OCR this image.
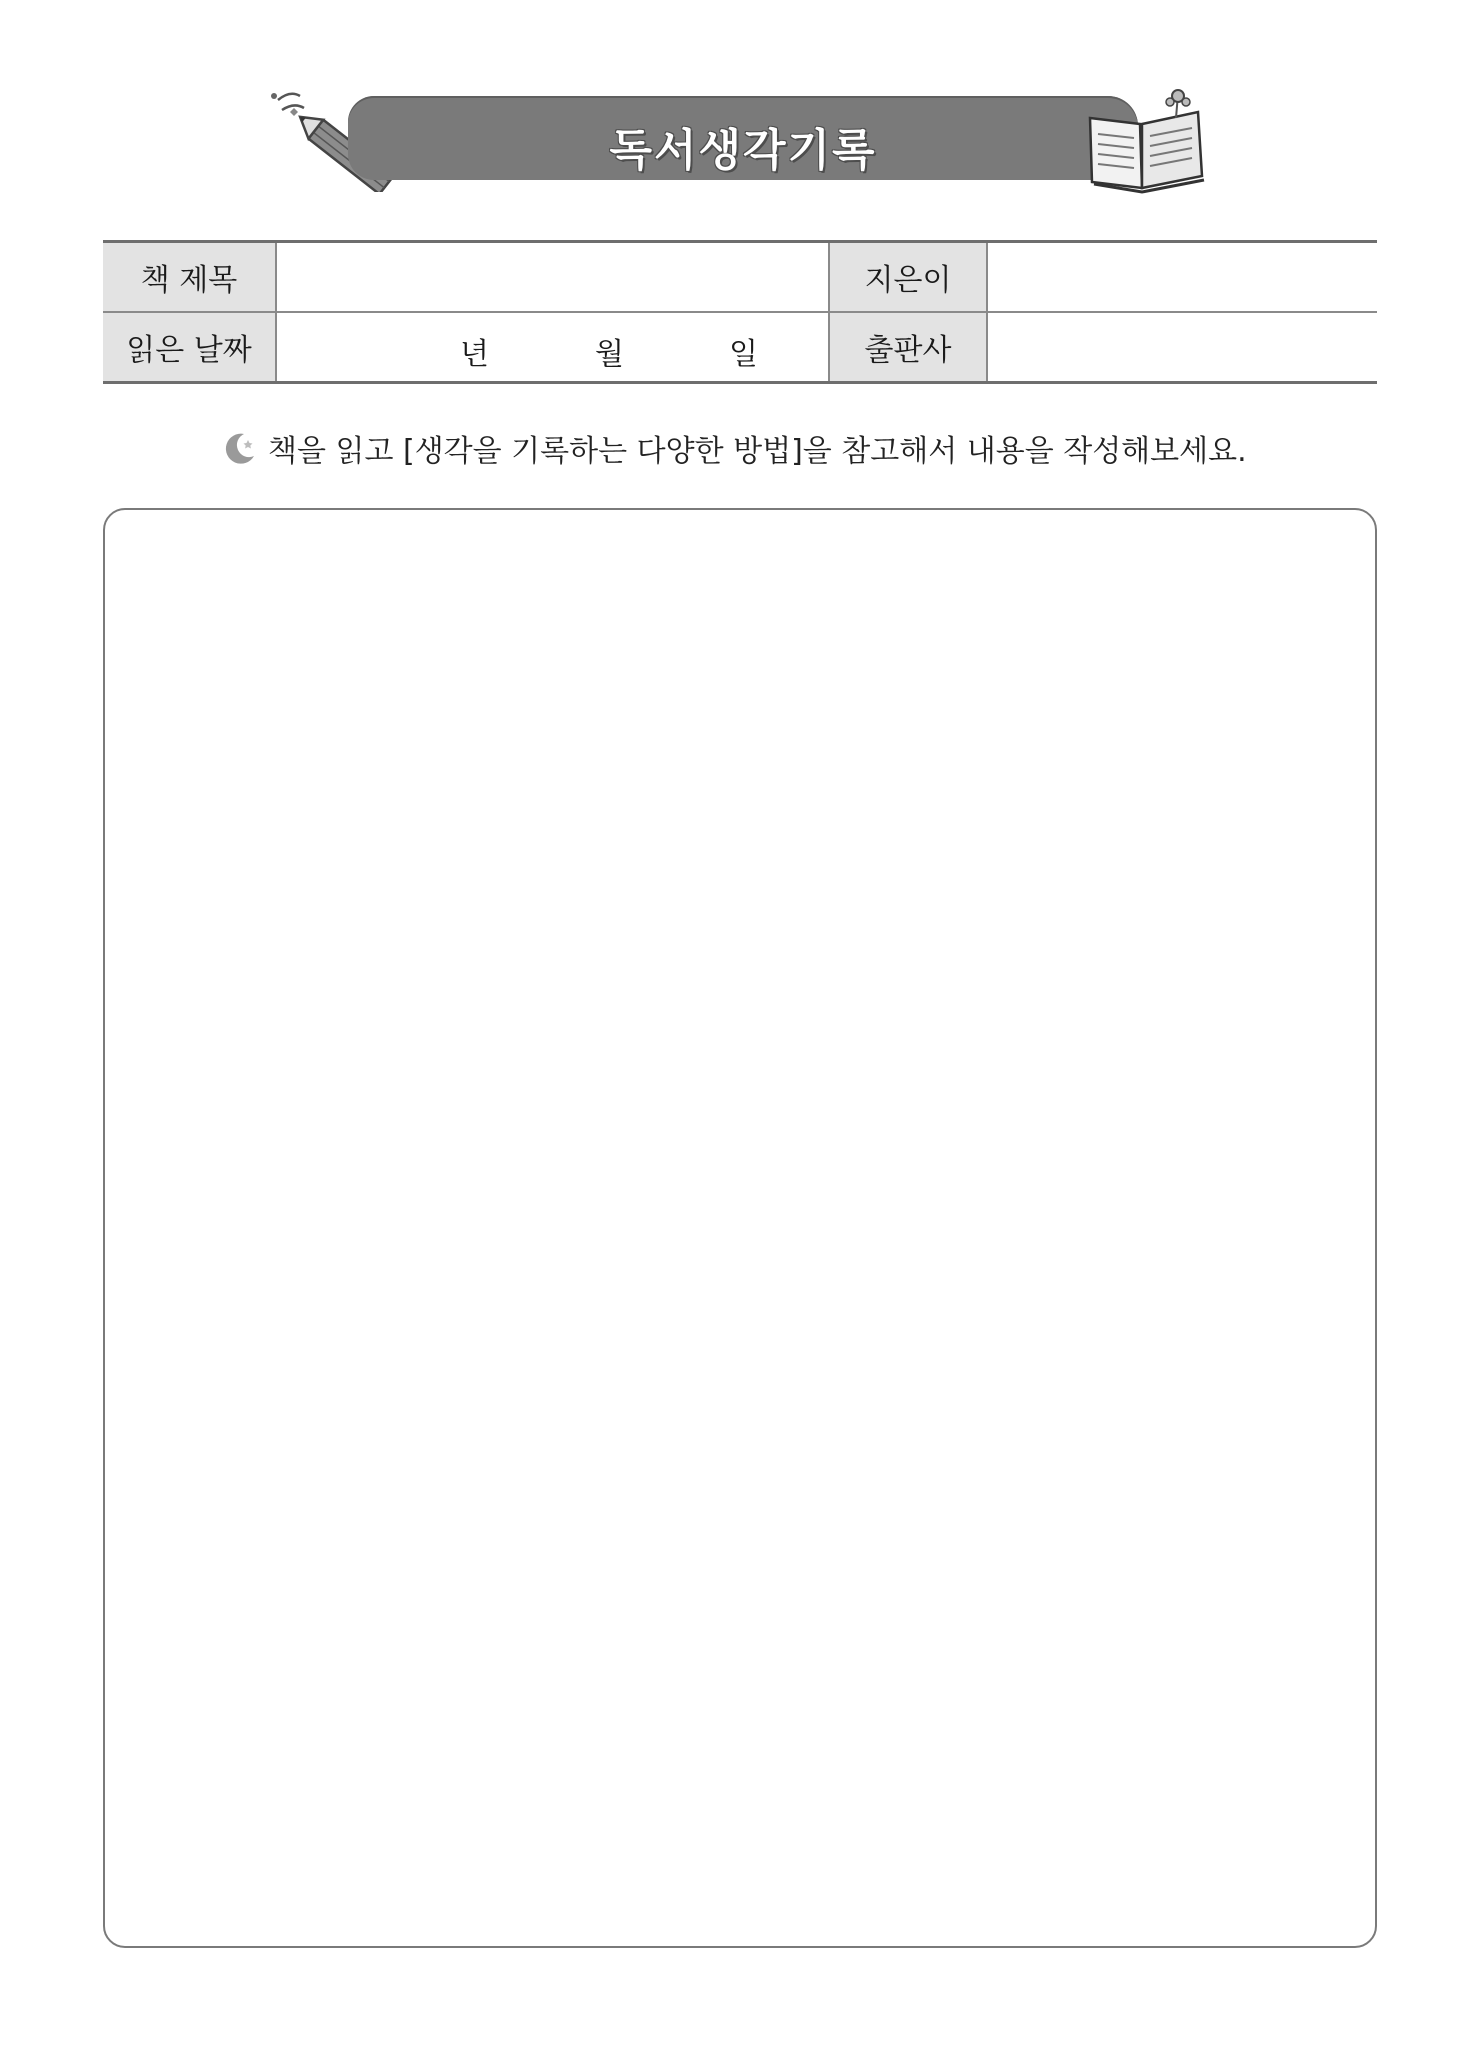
독서생각기록
책 제목		지은이	
읽은 날짜	년 월 일	출판사	
책을 읽고 [생각을 기록하는 다양한 방법]을 참고해서 내용을 작성해보세요.
